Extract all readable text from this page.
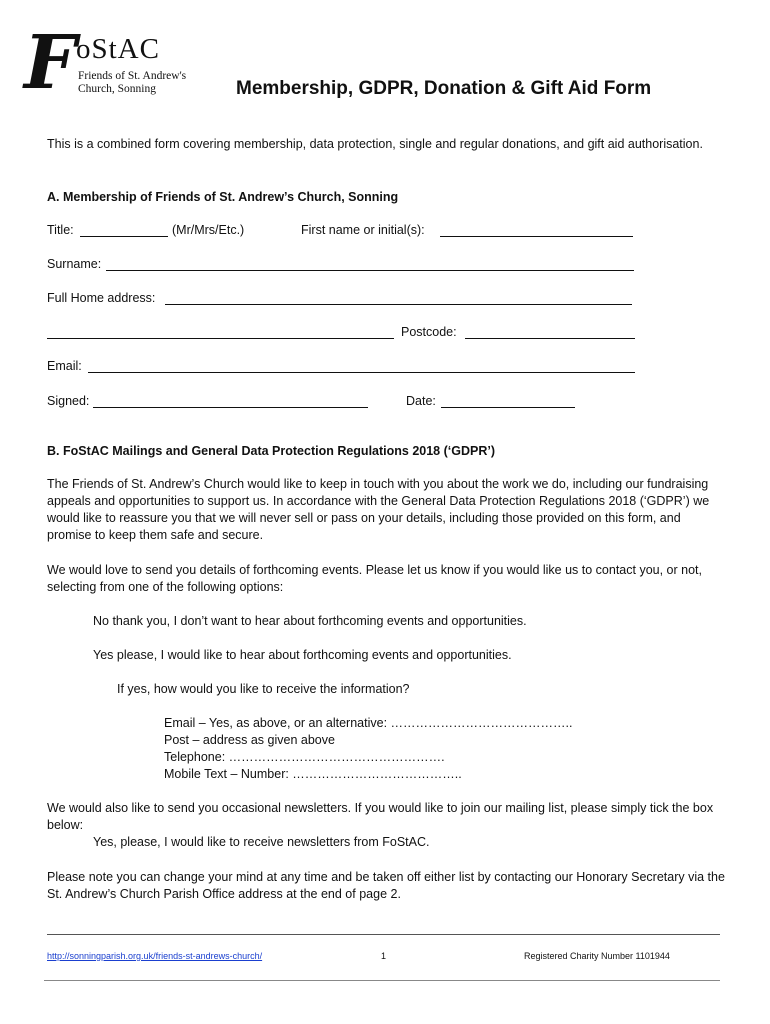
F oStAC
Friends of St. Andrew's
Church, Sonning	Membership, GDPR, Donation & Gift Aid Form
This is a combined form covering membership, data protection, single and regular donations, and gift aid authorisation.
A. Membership of Friends of St. Andrew’s Church, Sonning
Title:	(Mr/Mrs/Etc.)	First name or initial(s):
Surname:
Full Home address:
Postcode:
Email:
Signed:	Date:
B. FoStAC Mailings and General Data Protection Regulations 2018 (‘GDPR’)
The Friends of St. Andrew’s Church would like to keep in touch with you about the work we do, including our fundraising appeals and opportunities to support us. In accordance with the General Data Protection Regulations 2018 (‘GDPR’) we would like to reassure you that we will never sell or pass on your details, including those provided on this form, and promise to keep them safe and secure.
We would love to send you details of forthcoming events. Please let us know if you would like us to contact you, or not, selecting from one of the following options:
No thank you, I don’t want to hear about forthcoming events and opportunities.
Yes please, I would like to hear about forthcoming events and opportunities.
If yes, how would you like to receive the information?
Email – Yes, as above, or an alternative: ……………………………………..
Post – address as given above
Telephone: …………………………………………….
Mobile Text – Number: …………………………………..
We would also like to send you occasional newsletters. If you would like to join our mailing list, please simply tick the box below:
Yes, please, I would like to receive newsletters from FoStAC.
Please note you can change your mind at any time and be taken off either list by contacting our Honorary Secretary via the St. Andrew’s Church Parish Office address at the end of page 2.
http://sonningparish.org.uk/friends-st-andrews-church/	1	Registered Charity Number 1101944
